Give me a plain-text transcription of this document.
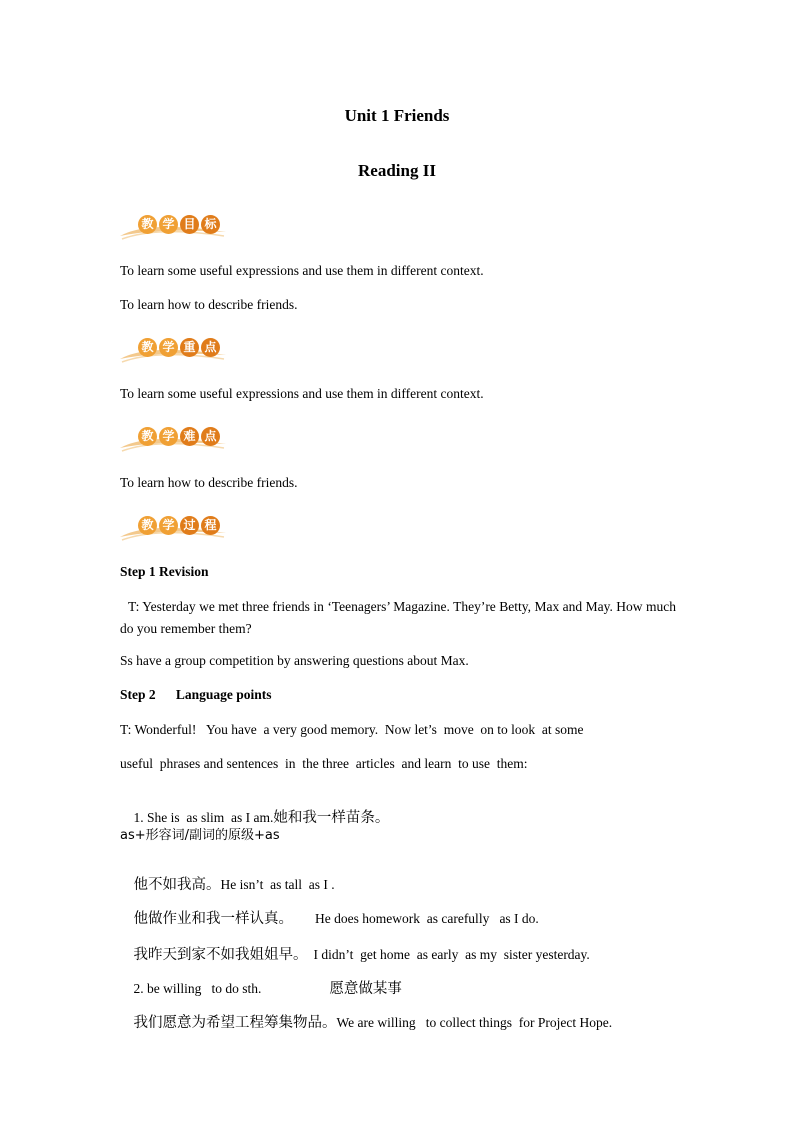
Unit 1 Friends
Reading II
教 学 目 标
To learn some useful expressions and use them in different context.
To learn how to describe friends.
教 学 重 点
To learn some useful expressions and use them in different context.
教 学 难 点
To learn how to describe friends.
教 学 过 程
Step 1 Revision
T: Yesterday we met three friends in ‘Teenagers’ Magazine. They’re Betty, Max and May. How much do you remember them?
Ss have a group competition by answering questions about Max.
Step 2      Language points
T: Wonderful!   You have  a very good memory.  Now let’s  move  on to look  at some
useful  phrases and sentences  in  the three  articles  and learn  to use  them:

1. She is  as slim  as I am.她和我一样苗条。

as+形容词/副词的原级+as

他不如我高。He isn’t  as tall  as I .

他做作业和我一样认真。 He does homework  as carefully   as I do.

我昨天到家不如我姐姐早。 I didn’t  get home  as early  as my  sister yesterday.

2. be willing   to do sth.	愿意做某事

我们愿意为希望工程筹集物品。We are willing   to collect things  for Project Hope.
